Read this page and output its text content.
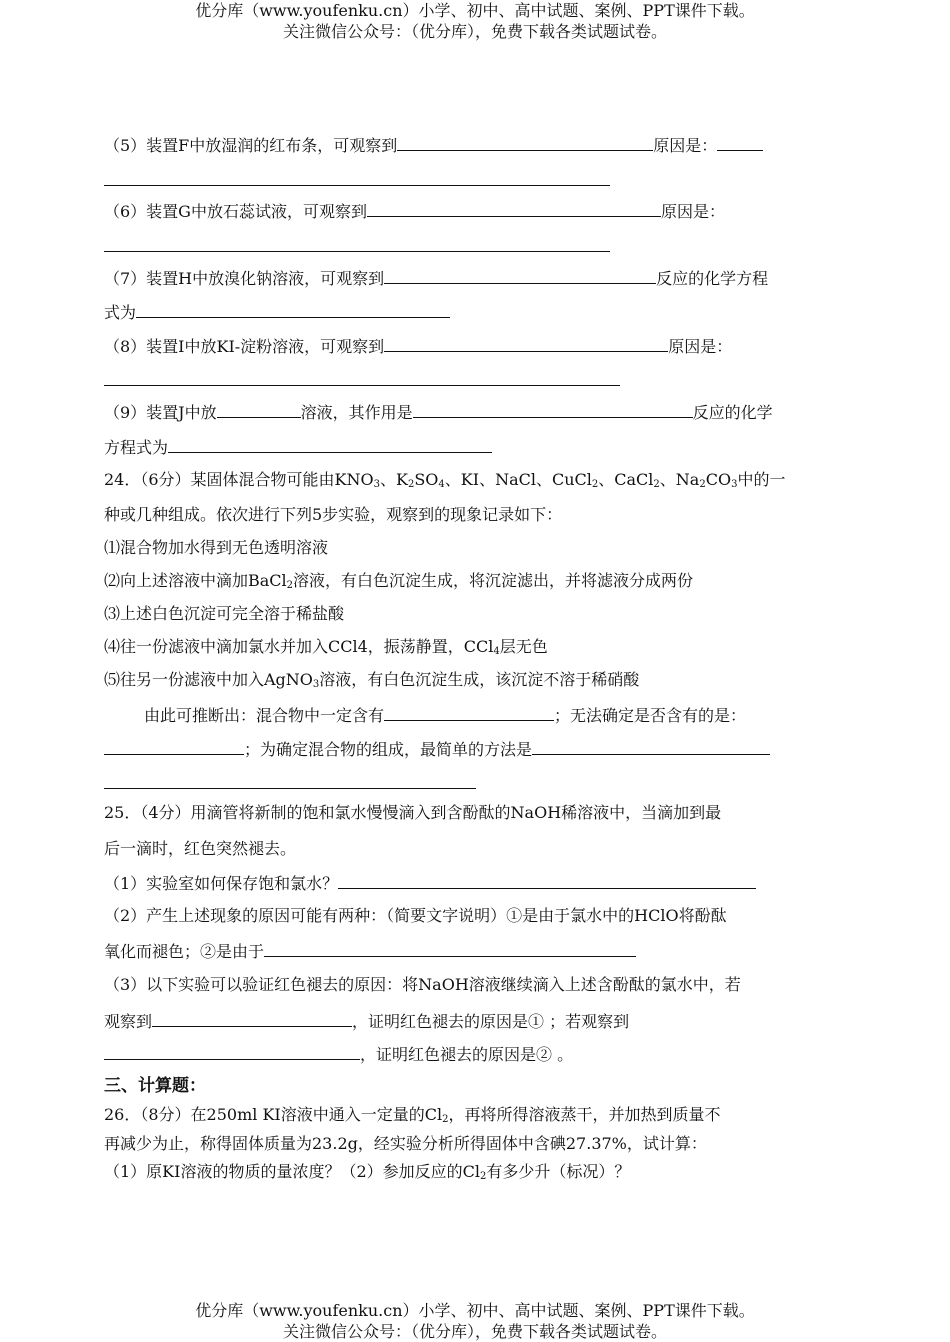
优分库（www.youfenku.cn）小学、初中、高中试题、案例、PPT课件下载。
关注微信公众号：（优分库），免费下载各类试题试卷。
（5）装置F中放湿润的红布条，可观察到	原因是：
（6）装置G中放石蕊试液，可观察到	原因是：
（7）装置H中放溴化钠溶液，可观察到	反应的化学方程
式为
（8）装置I中放KI-淀粉溶液，可观察到	原因是：
（9）装置J中放	溶液，其作用是	反应的化学
方程式为
24．（6分）某固体混合物可能由$KNO_3$、$K_2SO_4$、KI、NaCl、CuCl$_2$、CaCl$_2$、$Na_2CO_3$中的一
种或几种组成。依次进行下列5步实验，观察到的现象记录如下：
⑴混合物加水得到无色透明溶液
⑵向上述溶液中滴加BaCl$_2$溶液，有白色沉淀生成，将沉淀滤出，并将滤液分成两份
⑶上述白色沉淀可完全溶于稀盐酸
⑷往一份滤液中滴加氯水并加入CCl4，振荡静置，CCl$_4$层无色
⑸往另一份滤液中加入AgNO$_3$溶液，有白色沉淀生成，该沉淀不溶于稀硝酸
由此可推断出：混合物中一定含有	；无法确定是否含有的是：
；为确定混合物的组成，最简单的方法是
25．（4分）用滴管将新制的饱和氯水慢慢滴入到含酚酞的NaOH稀溶液中，当滴加到最
后一滴时，红色突然褪去。
（1）实验室如何保存饱和氯水？
（2）产生上述现象的原因可能有两种：（简要文字说明）①是由于氯水中的HClO将酚酞
氧化而褪色；②是由于
（3）以下实验可以验证红色褪去的原因：将NaOH溶液继续滴入上述含酚酞的氯水中，若
观察到	，证明红色褪去的原因是① ；若观察到
，证明红色褪去的原因是② 。
三、计算题：
26．（8分）在250ml KI溶液中通入一定量的$Cl_2$，再将所得溶液蒸干，并加热到质量不
再减少为止，称得固体质量为23.2g，经实验分析所得固体中含碘27.37%，试计算：
（1）原KI溶液的物质的量浓度？（2）参加反应的$Cl_2$有多少升（标况）？
优分库（www.youfenku.cn）小学、初中、高中试题、案例、PPT课件下载。
关注微信公众号：（优分库），免费下载各类试题试卷。
